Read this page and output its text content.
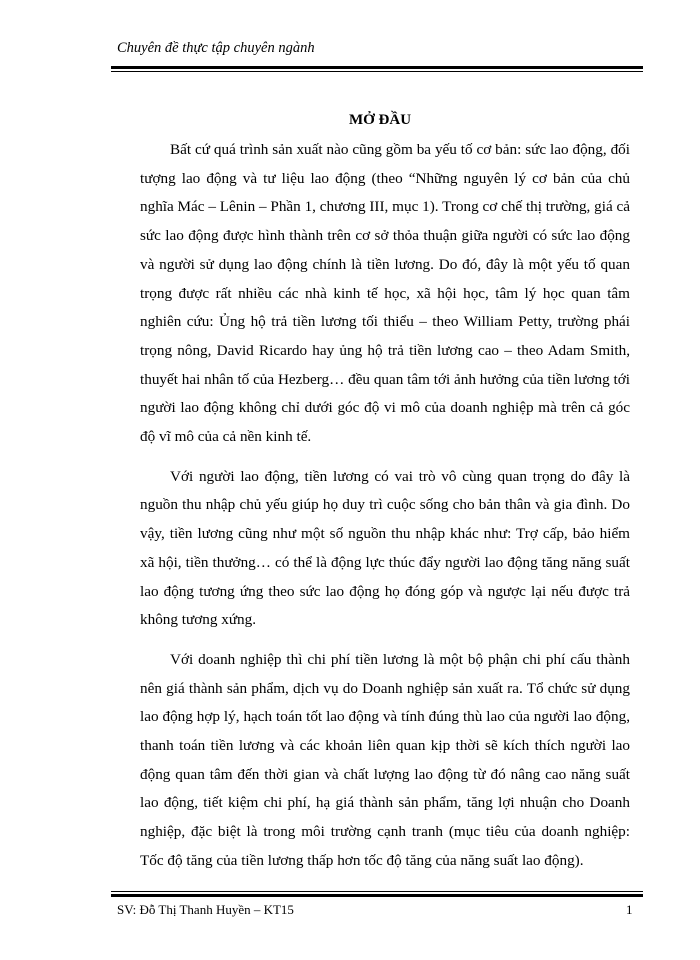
Chuyên đề thực tập chuyên ngành
MỞ ĐẦU

Bất cứ quá trình sản xuất nào cũng gồm ba yếu tố cơ bản: sức lao động, đối tượng lao động và tư liệu lao động (theo “Những nguyên lý cơ bản của chủ nghĩa Mác – Lênin – Phần 1, chương III, mục 1). Trong cơ chế thị trường, giá cả sức lao động được hình thành trên cơ sở thỏa thuận giữa người có sức lao động và người sử dụng lao động chính là tiền lương. Do đó, đây là một yếu tố quan trọng được rất nhiều các nhà kinh tế học, xã hội học, tâm lý học quan tâm nghiên cứu: Ủng hộ trả tiền lương tối thiểu – theo William Petty, trường phái trọng nông, David Ricardo hay ủng hộ trả tiền lương cao – theo Adam Smith, thuyết hai nhân tố của Hezberg… đều quan tâm tới ảnh hưởng của tiền lương tới người lao động không chỉ dưới góc độ vi mô của doanh nghiệp mà trên cả góc độ vĩ mô của cả nền kinh tế.

Với người lao động, tiền lương có vai trò vô cùng quan trọng do đây là nguồn thu nhập chủ yếu giúp họ duy trì cuộc sống cho bản thân và gia đình. Do vậy, tiền lương cũng như một số nguồn thu nhập khác như: Trợ cấp, bảo hiểm xã hội, tiền thưởng… có thể là động lực thúc đẩy người lao động tăng năng suất lao động tương ứng theo sức lao động họ đóng góp và ngược lại nếu được trả không tương xứng.

Với doanh nghiệp thì chi phí tiền lương là một bộ phận chi phí cấu thành nên giá thành sản phẩm, dịch vụ do Doanh nghiệp sản xuất ra. Tổ chức sử dụng lao động hợp lý, hạch toán tốt lao động và tính đúng thù lao của người lao động, thanh toán tiền lương và các khoản liên quan kịp thời sẽ kích thích người lao động quan tâm đến thời gian và chất lượng lao động từ đó nâng cao năng suất lao động, tiết kiệm chi phí, hạ giá thành sản phẩm, tăng lợi nhuận cho Doanh nghiệp, đặc biệt là trong môi trường cạnh tranh (mục tiêu của doanh nghiệp: Tốc độ tăng của tiền lương thấp hơn tốc độ tăng của năng suất lao động).

SV: Đỗ Thị Thanh Huyền – KT15	1
